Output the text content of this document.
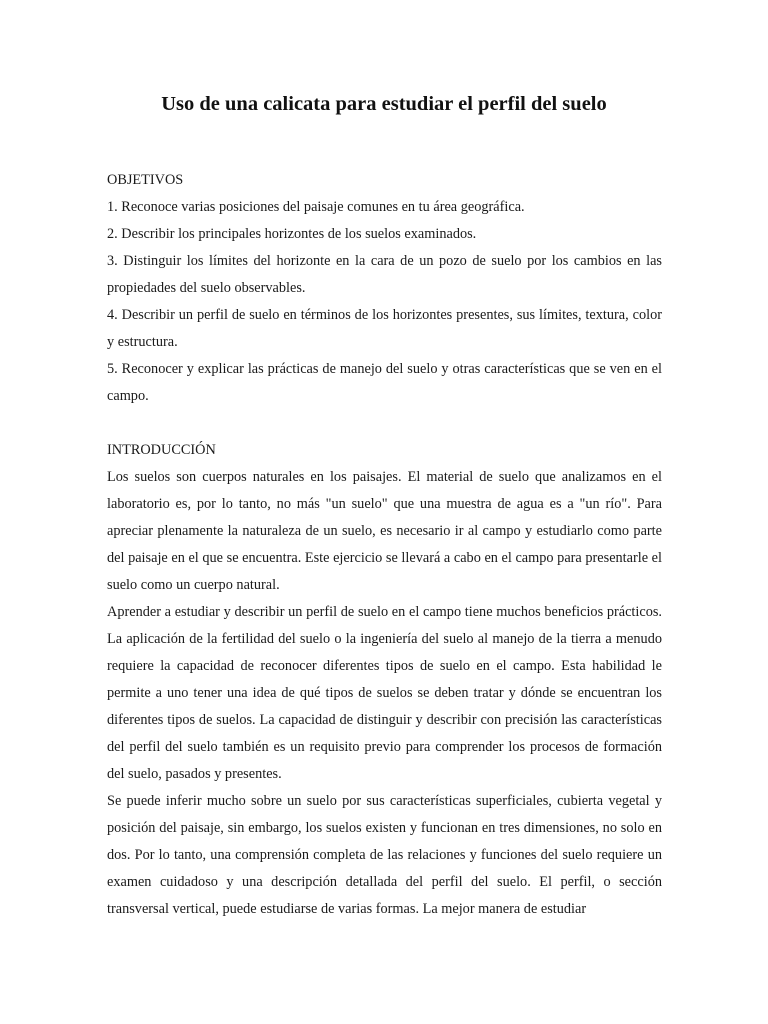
Uso de una calicata para estudiar el perfil del suelo
OBJETIVOS
1. Reconoce varias posiciones del paisaje comunes en tu área geográfica.
2. Describir los principales horizontes de los suelos examinados.
3. Distinguir los límites del horizonte en la cara de un pozo de suelo por los cambios en las propiedades del suelo observables.
4. Describir un perfil de suelo en términos de los horizontes presentes, sus límites, textura, color y estructura.
5. Reconocer y explicar las prácticas de manejo del suelo y otras características que se ven en el campo.
INTRODUCCIÓN

Los suelos son cuerpos naturales en los paisajes. El material de suelo que analizamos en el laboratorio es, por lo tanto, no más "un suelo" que una muestra de agua es a "un río". Para apreciar plenamente la naturaleza de un suelo, es necesario ir al campo y estudiarlo como parte del paisaje en el que se encuentra. Este ejercicio se llevará a cabo en el campo para presentarle el suelo como un cuerpo natural.

Aprender a estudiar y describir un perfil de suelo en el campo tiene muchos beneficios prácticos. La aplicación de la fertilidad del suelo o la ingeniería del suelo al manejo de la tierra a menudo requiere la capacidad de reconocer diferentes tipos de suelo en el campo. Esta habilidad le permite a uno tener una idea de qué tipos de suelos se deben tratar y dónde se encuentran los diferentes tipos de suelos. La capacidad de distinguir y describir con precisión las características del perfil del suelo también es un requisito previo para comprender los procesos de formación del suelo, pasados y presentes.

Se puede inferir mucho sobre un suelo por sus características superficiales, cubierta vegetal y posición del paisaje, sin embargo, los suelos existen y funcionan en tres dimensiones, no solo en dos. Por lo tanto, una comprensión completa de las relaciones y funciones del suelo requiere un examen cuidadoso y una descripción detallada del perfil del suelo. El perfil, o sección transversal vertical, puede estudiarse de varias formas. La mejor manera de estudiar
